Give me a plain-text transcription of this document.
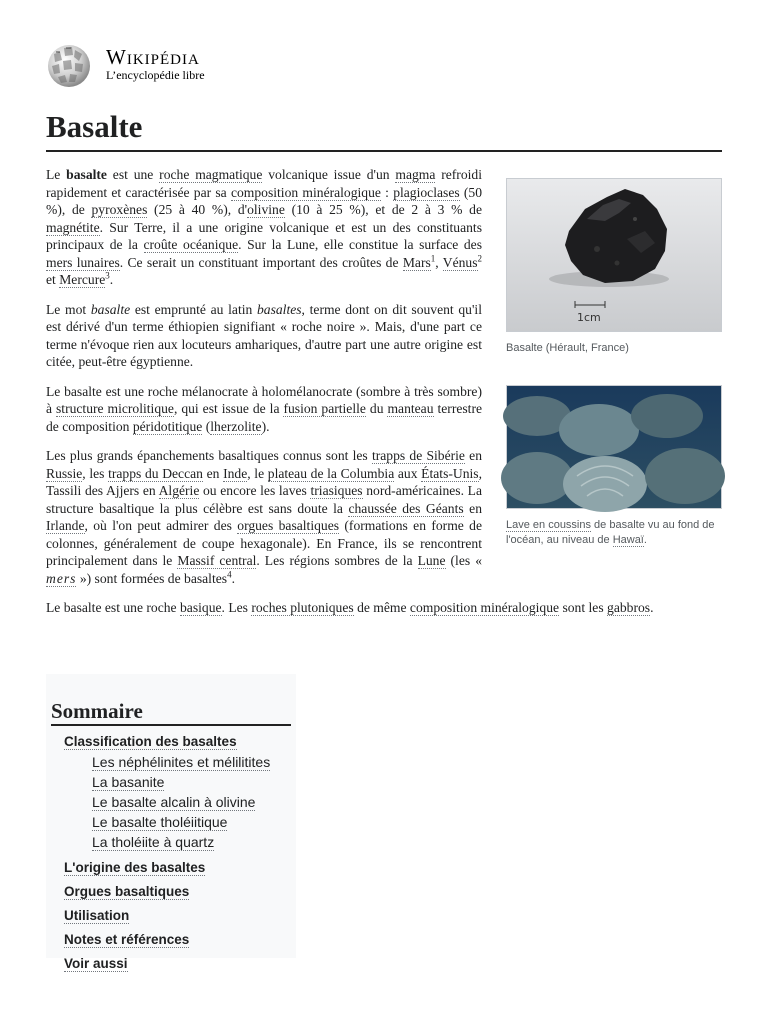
Wikipédia
L’encyclopédie libre
Basalte
1cm
Basalte (Hérault, France)

Le basalte est une roche magmatique volcanique issue d'un magma refroidi rapidement et caractérisée par sa composition minéralogique : plagioclases (50 %), de pyroxènes (25 à 40 %), d'olivine (10 à 25 %), et de 2 à 3 % de magnétite. Sur Terre, il a une origine volcanique et est un des constituants principaux de la croûte océanique. Sur la Lune, elle constitue la surface des mers lunaires. Ce serait un constituant important des croûtes de Mars$^1$, Vénus$^2$ et Mercure$^3$.

Le mot basalte est emprunté au latin basaltes, terme dont on dit souvent qu'il est dérivé d'un terme éthiopien signifiant « roche noire ». Mais, d'une part ce terme n'évoque rien aux locuteurs amhariques, d'autre part une autre origine est citée, peut-être égyptienne.

Lave en coussins de basalte vu au fond de l'océan, au niveau de Hawaï.

Le basalte est une roche mélanocrate à holomélanocrate (sombre à très sombre) à structure microlitique, qui est issue de la fusion partielle du manteau terrestre de composition péridotitique (lherzolite).

Les plus grands épanchements basaltiques connus sont les trapps de Sibérie en Russie, les trapps du Deccan en Inde, le plateau de la Columbia aux États-Unis, Tassili des Ajjers en Algérie ou encore les laves triasiques nord-américaines. La structure basaltique la plus célèbre est sans doute la chaussée des Géants en Irlande, où l'on peut admirer des orgues basaltiques (formations en forme de colonnes, généralement de coupe hexagonale). En France, ils se rencontrent principalement dans le Massif central. Les régions sombres de la Lune (les « mers ») sont formées de basaltes$^4$.

Le basalte est une roche basique. Les roches plutoniques de même composition minéralogique sont les gabbros.

Sommaire
Classification des basaltes
Les néphélinites et mélilitites
La basanite
Le basalte alcalin à olivine
Le basalte tholéiitique
La tholéiite à quartz
L'origine des basaltes
Orgues basaltiques
Utilisation
Notes et références
Voir aussi
